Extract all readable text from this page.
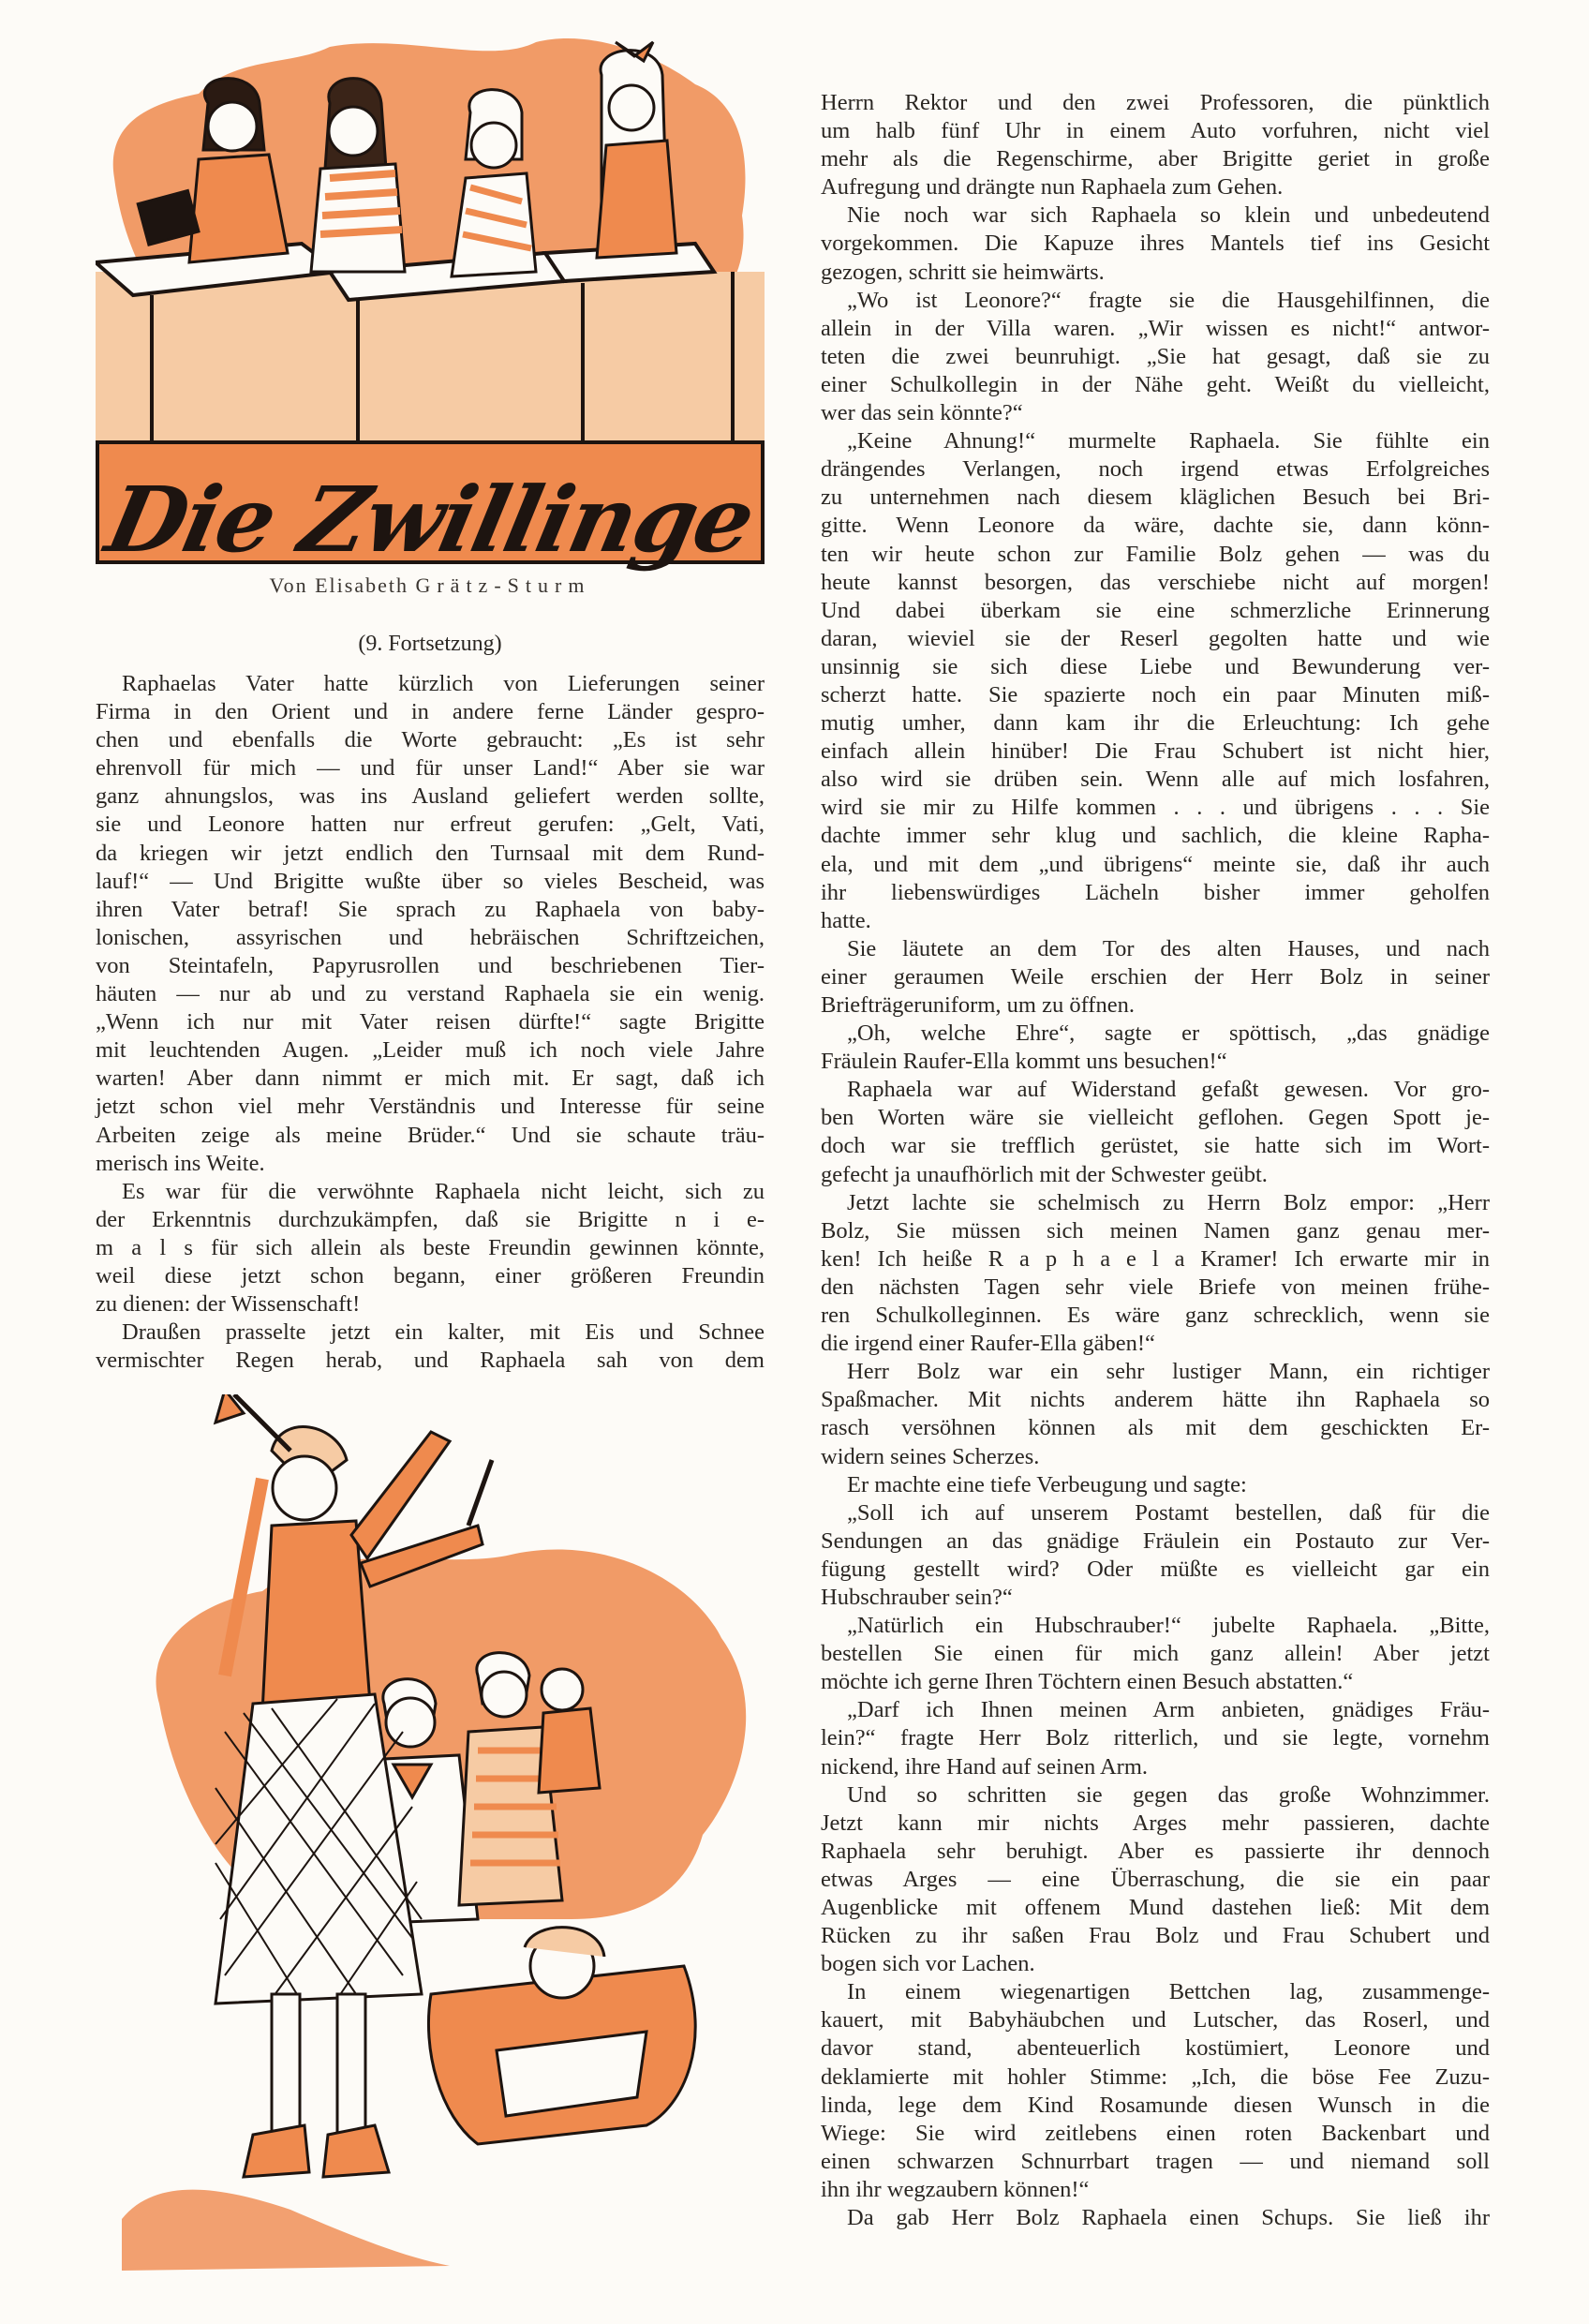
Die Zwillinge
Von Elisabeth Grätz-Sturm
(9. Fortsetzung)
Raphaelas Vater hatte kürzlich von Lieferungen seiner
Firma in den Orient und in andere ferne Länder gespro-
chen und ebenfalls die Worte gebraucht: „Es ist sehr
ehrenvoll für mich — und für unser Land!“ Aber sie war
ganz ahnungslos, was ins Ausland geliefert werden sollte,
sie und Leonore hatten nur erfreut gerufen: „Gelt, Vati,
da kriegen wir jetzt endlich den Turnsaal mit dem Rund-
lauf!“ — Und Brigitte wußte über so vieles Bescheid, was
ihren Vater betraf! Sie sprach zu Raphaela von baby-
lonischen, assyrischen und hebräischen Schriftzeichen,
von Steintafeln, Papyrusrollen und beschriebenen Tier-
häuten — nur ab und zu verstand Raphaela sie ein wenig.
„Wenn ich nur mit Vater reisen dürfte!“ sagte Brigitte
mit leuchtenden Augen. „Leider muß ich noch viele Jahre
warten! Aber dann nimmt er mich mit. Er sagt, daß ich
jetzt schon viel mehr Verständnis und Interesse für seine
Arbeiten zeige als meine Brüder.“ Und sie schaute träu-
merisch ins Weite.
Es war für die verwöhnte Raphaela nicht leicht, sich zu
der Erkenntnis durchzukämpfen, daß sie Brigitte n i e-
m a l s für sich allein als beste Freundin gewinnen könnte,
weil diese jetzt schon begann, einer größeren Freundin
zu dienen: der Wissenschaft!
Draußen prasselte jetzt ein kalter, mit Eis und Schnee
vermischter Regen herab, und Raphaela sah von dem
Herrn Rektor und den zwei Professoren, die pünktlich
um halb fünf Uhr in einem Auto vorfuhren, nicht viel
mehr als die Regenschirme, aber Brigitte geriet in große
Aufregung und drängte nun Raphaela zum Gehen.
Nie noch war sich Raphaela so klein und unbedeutend
vorgekommen. Die Kapuze ihres Mantels tief ins Gesicht
gezogen, schritt sie heimwärts.
„Wo ist Leonore?“ fragte sie die Hausgehilfinnen, die
allein in der Villa waren. „Wir wissen es nicht!“ antwor-
teten die zwei beunruhigt. „Sie hat gesagt, daß sie zu
einer Schulkollegin in der Nähe geht. Weißt du vielleicht,
wer das sein könnte?“
„Keine Ahnung!“ murmelte Raphaela. Sie fühlte ein
drängendes Verlangen, noch irgend etwas Erfolgreiches
zu unternehmen nach diesem kläglichen Besuch bei Bri-
gitte. Wenn Leonore da wäre, dachte sie, dann könn-
ten wir heute schon zur Familie Bolz gehen — was du
heute kannst besorgen, das verschiebe nicht auf morgen!
Und dabei überkam sie eine schmerzliche Erinnerung
daran, wieviel sie der Reserl gegolten hatte und wie
unsinnig sie sich diese Liebe und Bewunderung ver-
scherzt hatte. Sie spazierte noch ein paar Minuten miß-
mutig umher, dann kam ihr die Erleuchtung: Ich gehe
einfach allein hinüber! Die Frau Schubert ist nicht hier,
also wird sie drüben sein. Wenn alle auf mich losfahren,
wird sie mir zu Hilfe kommen . . . und übrigens . . . Sie
dachte immer sehr klug und sachlich, die kleine Rapha-
ela, und mit dem „und übrigens“ meinte sie, daß ihr auch
ihr liebenswürdiges Lächeln bisher immer geholfen
hatte.
Sie läutete an dem Tor des alten Hauses, und nach
einer geraumen Weile erschien der Herr Bolz in seiner
Briefträgeruniform, um zu öffnen.
„Oh, welche Ehre“, sagte er spöttisch, „das gnädige
Fräulein Raufer-Ella kommt uns besuchen!“
Raphaela war auf Widerstand gefaßt gewesen. Vor gro-
ben Worten wäre sie vielleicht geflohen. Gegen Spott je-
doch war sie trefflich gerüstet, sie hatte sich im Wort-
gefecht ja unaufhörlich mit der Schwester geübt.
Jetzt lachte sie schelmisch zu Herrn Bolz empor: „Herr
Bolz, Sie müssen sich meinen Namen ganz genau mer-
ken! Ich heiße R a p h a e l a Kramer! Ich erwarte mir in
den nächsten Tagen sehr viele Briefe von meinen frühe-
ren Schulkolleginnen. Es wäre ganz schrecklich, wenn sie
die irgend einer Raufer-Ella gäben!“
Herr Bolz war ein sehr lustiger Mann, ein richtiger
Spaßmacher. Mit nichts anderem hätte ihn Raphaela so
rasch versöhnen können als mit dem geschickten Er-
widern seines Scherzes.
Er machte eine tiefe Verbeugung und sagte:
„Soll ich auf unserem Postamt bestellen, daß für die
Sendungen an das gnädige Fräulein ein Postauto zur Ver-
fügung gestellt wird? Oder müßte es vielleicht gar ein
Hubschrauber sein?“
„Natürlich ein Hubschrauber!“ jubelte Raphaela. „Bitte,
bestellen Sie einen für mich ganz allein! Aber jetzt
möchte ich gerne Ihren Töchtern einen Besuch abstatten.“
„Darf ich Ihnen meinen Arm anbieten, gnädiges Fräu-
lein?“ fragte Herr Bolz ritterlich, und sie legte, vornehm
nickend, ihre Hand auf seinen Arm.
Und so schritten sie gegen das große Wohnzimmer.
Jetzt kann mir nichts Arges mehr passieren, dachte
Raphaela sehr beruhigt. Aber es passierte ihr dennoch
etwas Arges — eine Überraschung, die sie ein paar
Augenblicke mit offenem Mund dastehen ließ: Mit dem
Rücken zu ihr saßen Frau Bolz und Frau Schubert und
bogen sich vor Lachen.
In einem wiegenartigen Bettchen lag, zusammenge-
kauert, mit Babyhäubchen und Lutscher, das Roserl, und
davor stand, abenteuerlich kostümiert, Leonore und
deklamierte mit hohler Stimme: „Ich, die böse Fee Zuzu-
linda, lege dem Kind Rosamunde diesen Wunsch in die
Wiege: Sie wird zeitlebens einen roten Backenbart und
einen schwarzen Schnurrbart tragen — und niemand soll
ihn ihr wegzaubern können!“
Da gab Herr Bolz Raphaela einen Schups. Sie ließ ihr
